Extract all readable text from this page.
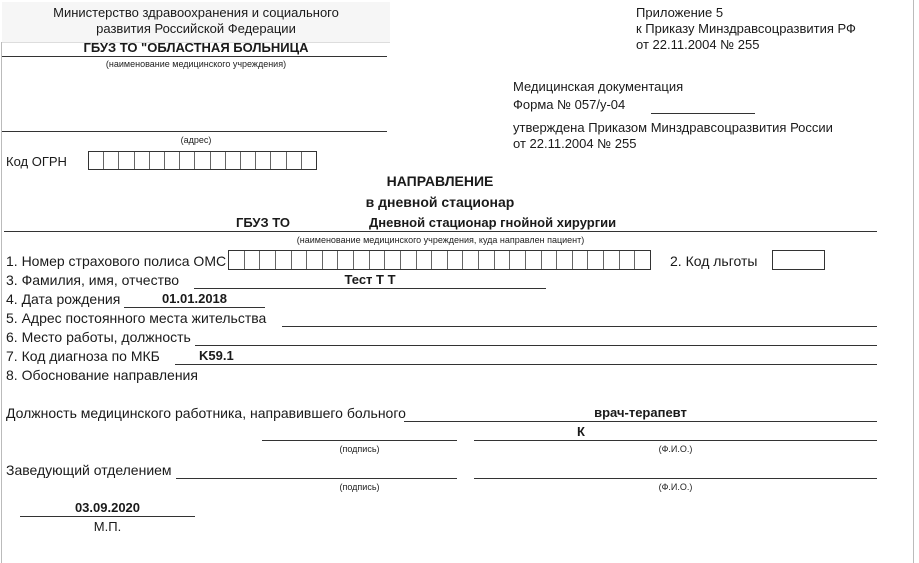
Министерство здравоохранения и социального
развития Российской Федерации
ГБУЗ ТО "ОБЛАСТНАЯ БОЛЬНИЦА
(наименование медицинского учреждения)
(адрес)
Код ОГРН
Приложение 5
к Приказу Минздравсоцразвития РФ
от 22.11.2004 № 255
Медицинская документация
Форма № 057/у-04
утверждена Приказом Минздравсоцразвития России
от 22.11.2004 № 255
НАПРАВЛЕНИЕ
в дневной стационар
ГБУЗ ТО	Дневной стационар гнойной хирургии
(наименование медицинского учреждения, куда направлен пациент)
1. Номер страхового полиса ОМС	2. Код льготы
3. Фамилия, имя, отчество	Тест Т Т
4. Дата рождения	01.01.2018
5. Адрес постоянного места жительства
6. Место работы, должность
7. Код диагноза по МКБ	K59.1
8. Обоснование направления
Должность медицинского работника, направившего больного	врач-терапевт
К
(подпись)	(Ф.И.О.)
Заведующий отделением
(подпись)	(Ф.И.О.)
03.09.2020
М.П.
